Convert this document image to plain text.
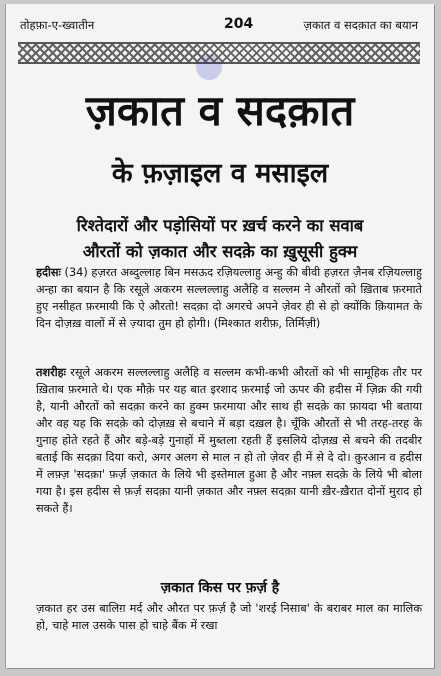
तोहफ़ा-ए-ख्वातीन	204	ज़कात व सदक़ात का बयान
ज़कात व सदक़ात
के फ़ज़ाइल व मसाइल
रिश्तेदारों और पड़ोसियों पर ख़र्च करने का सवाब
औरतों को ज़कात और सदक़े का ख़ुसूसी हुक्म
हदीसः (34) हज़रत अब्दुल्लाह बिन मसऊद रज़ियल्लाहु अन्हु की बीवी हज़रत ज़ैनब रज़ियल्लाहु अन्हा का बयान है कि रसूले अकरम सल्लल्लाहु अलैहि व सल्लम ने औरतों को ख़िताब फ़रमाते हुए नसीहत फ़रमायी कि ऐ औरतो! सदक़ा दो अगरचे अपने ज़ेवर ही से हो क्योंकि क़ियामत के दिन दोज़ख़ वालों में से ज़्यादा तुम हो होगी। (मिश्कात शरीफ़, तिर्मिज़ी)
तशरीहः रसूले अकरम सल्लल्लाहु अलैहि व सल्लम कभी-कभी औरतों को भी सामूहिक तौर पर ख़िताब फ़रमाते थे। एक मौक़े पर यह बात इरशाद फ़रमाई जो ऊपर की हदीस में ज़िक्र की गयी है, यानी औरतों को सदक़ा करने का हुक्म फ़रमाया और साथ ही सदक़े का फ़ायदा भी बताया और वह यह कि सदक़े को दोज़ख़ से बचाने में बड़ा दख़ल है। चूँकि औरतों से भी तरह-तरह के गुनाह होते रहते हैं और बड़े-बड़े गुनाहों में मुब्तला रहती हैं इसलिये दोज़ख़ से बचने की तदबीर बताई कि सदक़ा दिया करो, अगर अलग से माल न हो तो ज़ेवर ही में से दे दो। क़ुरआन व हदीस में लफ़्ज़ 'सदक़ा' फ़र्ज़ ज़कात के लिये भी इस्तेमाल हुआ है और नफ़्ल सदक़े के लिये भी बोला गया है। इस हदीस से फ़र्ज़ सदक़ा यानी ज़कात और नफ़्ल सदक़ा यानी ख़ैर-ख़ैरात दोनों मुराद हो सकते हैं।
ज़कात किस पर फ़र्ज़ है
ज़कात हर उस बालिग़ मर्द और औरत पर फ़र्ज़ है जो 'शरई निसाब' के बराबर माल का मालिक हो, चाहे माल उसके पास हो चाहे बैंक में रखा
